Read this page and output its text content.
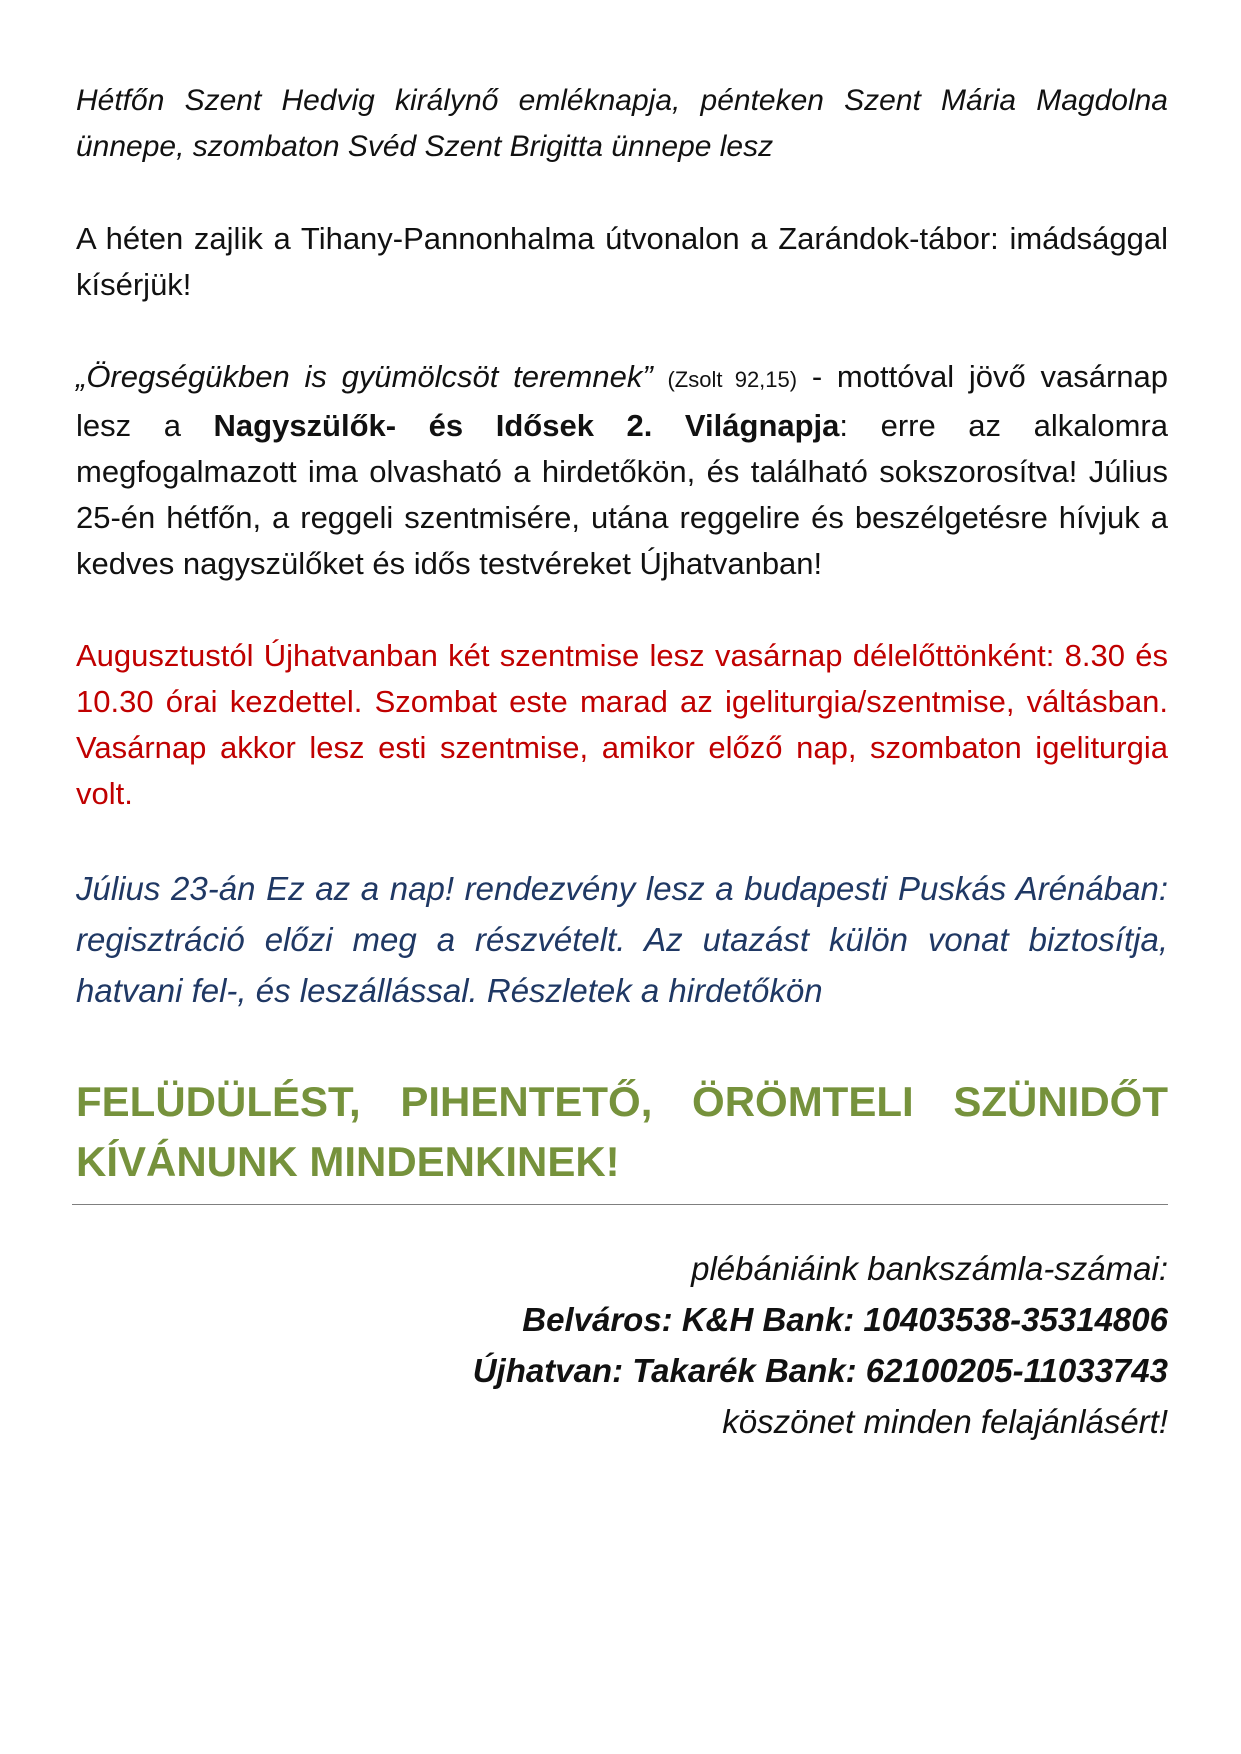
Hétfőn Szent Hedvig királynő emléknapja, pénteken Szent Mária Magdolna ünnepe, szombaton Svéd Szent Brigitta ünnepe lesz

A héten zajlik a Tihany-Pannonhalma útvonalon a Zarándok-tábor: imádsággal kísérjük!

„Öregségükben is gyümölcsöt teremnek” (Zsolt 92,15) - mottóval jövő vasárnap lesz a Nagyszülők- és Idősek 2. Világnapja: erre az alkalomra megfogalmazott ima olvasható a hirdetőkön, és található sokszorosítva! Július 25-én hétfőn, a reggeli szentmisére, utána reggelire és beszélgetésre hívjuk a kedves nagyszülőket és idős testvéreket Újhatvanban!

Augusztustól Újhatvanban két szentmise lesz vasárnap délelőttönként: 8.30 és 10.30 órai kezdettel. Szombat este marad az igeliturgia/szentmise, váltásban. Vasárnap akkor lesz esti szentmise, amikor előző nap, szombaton igeliturgia volt.

Július 23-án Ez az a nap! rendezvény lesz a budapesti Puskás Arénában: regisztráció előzi meg a részvételt. Az utazást külön vonat biztosítja, hatvani fel-, és leszállással. Részletek a hirdetőkön

FELÜDÜLÉST, PIHENTETŐ, ÖRÖMTELI SZÜNIDŐT KÍVÁNUNK MINDENKINEK!

plébániáink bankszámla-számai:
Belváros: K&H Bank: 10403538-35314806
Újhatvan: Takarék Bank: 62100205-11033743
köszönet minden felajánlásért!
